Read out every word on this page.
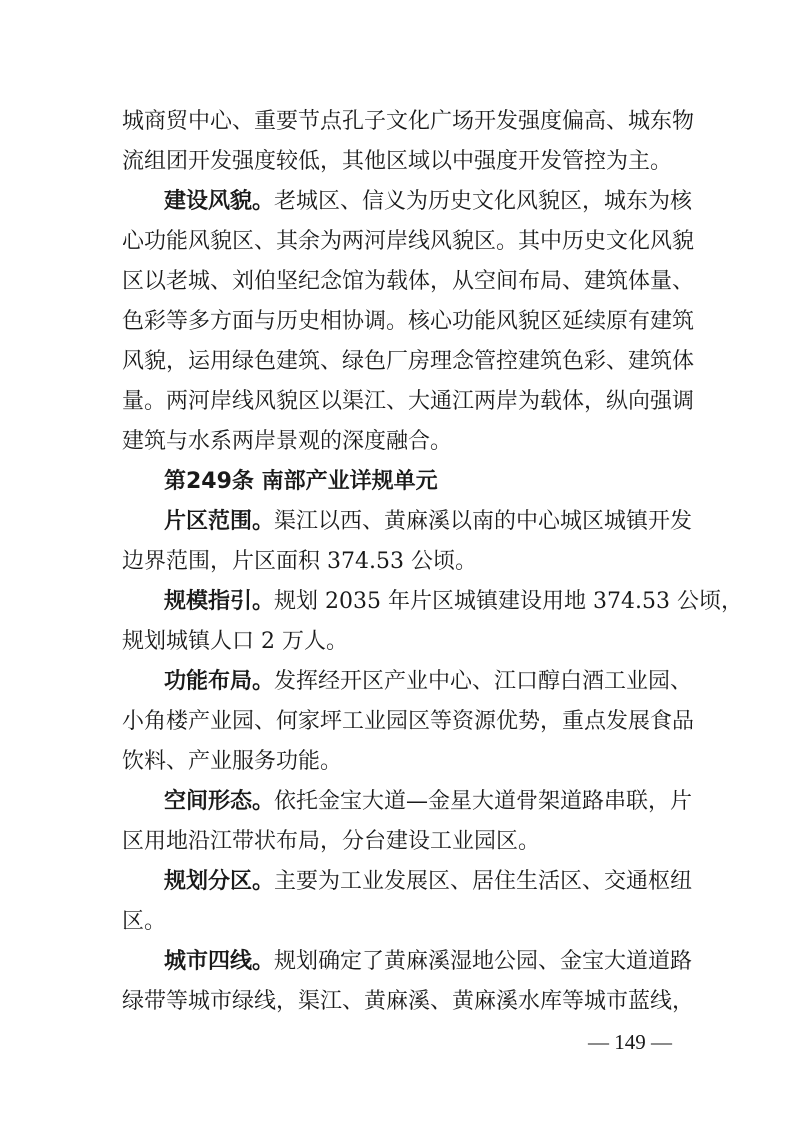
城商贸中心、重要节点孔子文化广场开发强度偏高、城东物
流组团开发强度较低，其他区域以中强度开发管控为主。
建设风貌。老城区、信义为历史文化风貌区，城东为核
心功能风貌区、其余为两河岸线风貌区。其中历史文化风貌
区以老城、刘伯坚纪念馆为载体，从空间布局、建筑体量、
色彩等多方面与历史相协调。核心功能风貌区延续原有建筑
风貌，运用绿色建筑、绿色厂房理念管控建筑色彩、建筑体
量。两河岸线风貌区以渠江、大通江两岸为载体，纵向强调
建筑与水系两岸景观的深度融合。
第249条 南部产业详规单元
片区范围。渠江以西、黄麻溪以南的中心城区城镇开发
边界范围，片区面积 374.53 公顷。
规模指引。规划 2035 年片区城镇建设用地 374.53 公顷，
规划城镇人口 2 万人。
功能布局。发挥经开区产业中心、江口醇白酒工业园、
小角楼产业园、何家坪工业园区等资源优势，重点发展食品
饮料、产业服务功能。
空间形态。依托金宝大道—金星大道骨架道路串联，片
区用地沿江带状布局，分台建设工业园区。
规划分区。主要为工业发展区、居住生活区、交通枢纽
区。
城市四线。规划确定了黄麻溪湿地公园、金宝大道道路
绿带等城市绿线，渠江、黄麻溪、黄麻溪水库等城市蓝线，
— 149 —
